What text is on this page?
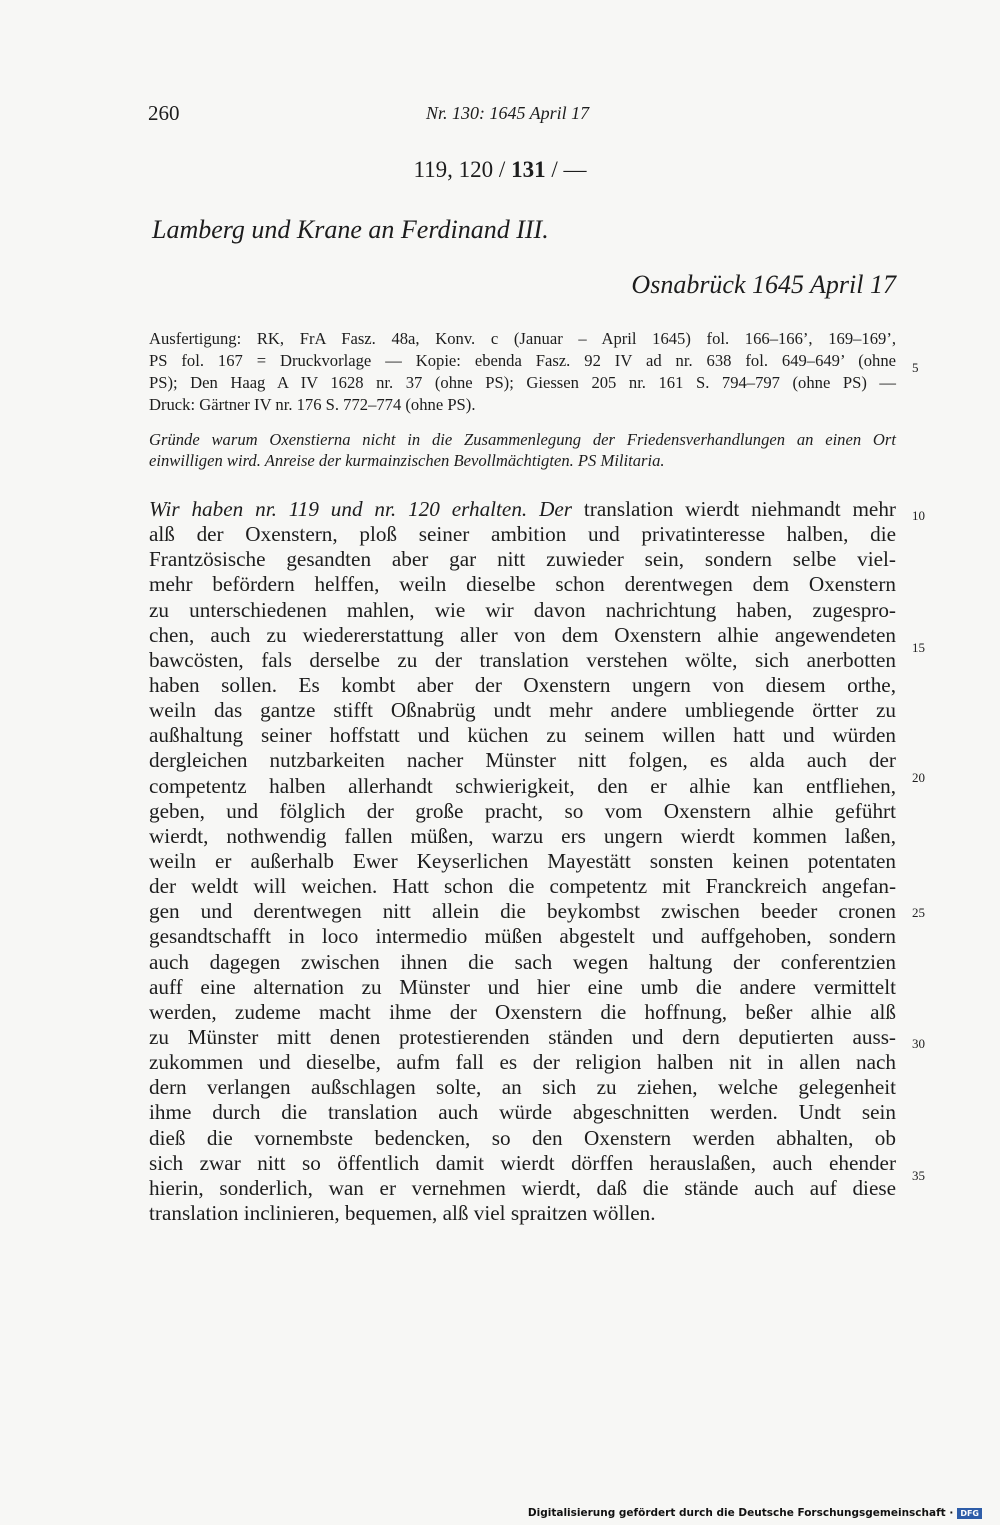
260	Nr. 130: 1645 April 17
119, 120 / 131 / —
Lamberg und Krane an Ferdinand III.
Osnabrück 1645 April 17
Ausfertigung: RK, FrA Fasz. 48a, Konv. c (Januar – April 1645) fol. 166–166’, 169–169’,
PS fol. 167 = Druckvorlage — Kopie: ebenda Fasz. 92 IV ad nr. 638 fol. 649–649’ (ohne
PS); Den Haag A IV 1628 nr. 37 (ohne PS); Giessen 205 nr. 161 S. 794–797 (ohne PS) —
Druck: Gärtner IV nr. 176 S. 772–774 (ohne PS).
Gründe warum Oxenstierna nicht in die Zusammenlegung der Friedensverhandlungen an einen Ort
einwilligen wird. Anreise der kurmainzischen Bevollmächtigten. PS Militaria.
Wir haben nr. 119 und nr. 120 erhalten. Der translation wierdt niehmandt mehr
alß der Oxenstern, ploß seiner ambition und privatinteresse halben, die
Frantzösische gesandten aber gar nitt zuwieder sein, sondern selbe viel-
mehr befördern helffen, weiln dieselbe schon derentwegen dem Oxenstern
zu unterschiedenen mahlen, wie wir davon nachrichtung haben, zugespro-
chen, auch zu wiedererstattung aller von dem Oxenstern alhie angewendeten
bawcösten, fals derselbe zu der translation verstehen wölte, sich anerbotten
haben sollen. Es kombt aber der Oxenstern ungern von diesem orthe,
weiln das gantze stifft Oßnabrüg undt mehr andere umbliegende örtter zu
außhaltung seiner hoffstatt und küchen zu seinem willen hatt und würden
dergleichen nutzbarkeiten nacher Münster nitt folgen, es alda auch der
competentz halben allerhandt schwierigkeit, den er alhie kan entfliehen,
geben, und fölglich der große pracht, so vom Oxenstern alhie geführt
wierdt, nothwendig fallen müßen, warzu ers ungern wierdt kommen laßen,
weiln er außerhalb Ewer Keyserlichen Mayestätt sonsten keinen potentaten
der weldt will weichen. Hatt schon die competentz mit Franckreich angefan-
gen und derentwegen nitt allein die beykombst zwischen beeder cronen
gesandtschafft in loco intermedio müßen abgestelt und auffgehoben, sondern
auch dagegen zwischen ihnen die sach wegen haltung der conferentzien
auff eine alternation zu Münster und hier eine umb die andere vermittelt
werden, zudeme macht ihme der Oxenstern die hoffnung, beßer alhie alß
zu Münster mitt denen protestierenden ständen und dern deputierten auss-
zukommen und dieselbe, aufm fall es der religion halben nit in allen nach
dern verlangen außschlagen solte, an sich zu ziehen, welche gelegenheit
ihme durch die translation auch würde abgeschnitten werden. Undt sein
dieß die vornembste bedencken, so den Oxenstern werden abhalten, ob
sich zwar nitt so öffentlich damit wierdt dörffen herauslaßen, auch ehender
hierin, sonderlich, wan er vernehmen wierdt, daß die stände auch auf diese
translation inclinieren, bequemen, alß viel spraitzen wöllen.
5
10
15
20
25
30
35
Digitalisierung gefördert durch die Deutsche Forschungsgemeinschaft · DFG
